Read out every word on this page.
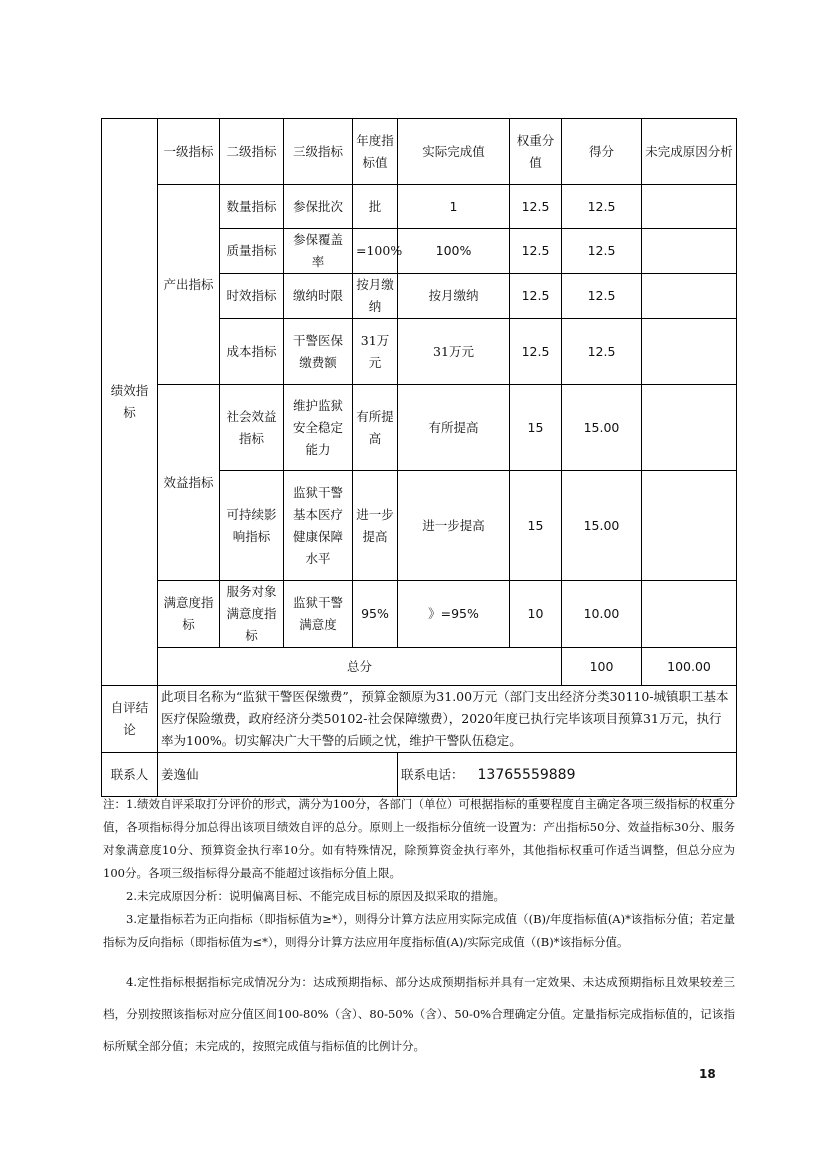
绩效指标	一级指标	二级指标	三级指标	年度指标值	实际完成值	权重分值	得分	未完成原因分析	
	产出指标	数量指标	参保批次	批	1	12.5	12.5		
		质量指标	参保覆盖率	=100%	100%	12.5	12.5		
		时效指标	缴纳时限	按月缴纳	按月缴纳	12.5	12.5		
		成本指标	干警医保缴费额	31万元	31万元	12.5	12.5		
	效益指标	社会效益指标	维护监狱安全稳定能力	有所提高	有所提高	15	15.00		
		可持续影响指标	监狱干警基本医疗健康保障水平	进一步提高	进一步提高	15	15.00		
	满意度指标	服务对象满意度指标	监狱干警满意度	95%	》=95%	10	10.00		
	总分						100	100.00	
自评结论	此项目名称为“监狱干警医保缴费”，预算金额原为31.00万元（部门支出经济分类30110-城镇职工基本医疗保险缴费，政府经济分类50102-社会保障缴费），2020年度已执行完毕该项目预算31万元，执行率为100%。切实解决广大干警的后顾之忧，维护干警队伍稳定。								
联系人	姜逸仙				联系电话： 13765559889				

注：1.绩效自评采取打分评价的形式，满分为100分，各部门（单位）可根据指标的重要程度自主确定各项三级指标的权重分值，各项指标得分加总得出该项目绩效自评的总分。原则上一级指标分值统一设置为：产出指标50分、效益指标30分、服务对象满意度10分、预算资金执行率10分。如有特殊情况，除预算资金执行率外，其他指标权重可作适当调整，但总分应为100分。各项三级指标得分最高不能超过该指标分值上限。

2.未完成原因分析：说明偏离目标、不能完成目标的原因及拟采取的措施。

3.定量指标若为正向指标（即指标值为≥*），则得分计算方法应用实际完成值（(B)/年度指标值(A)*该指标分值；若定量指标为反向指标（即指标值为≤*），则得分计算方法应用年度指标值(A)/实际完成值（(B)*该指标分值。

4.定性指标根据指标完成情况分为：达成预期指标、部分达成预期指标并具有一定效果、未达成预期指标且效果较差三档，分别按照该指标对应分值区间100-80%（含）、80-50%（含）、50-0%合理确定分值。定量指标完成指标值的，记该指标所赋全部分值；未完成的，按照完成值与指标值的比例计分。

18
